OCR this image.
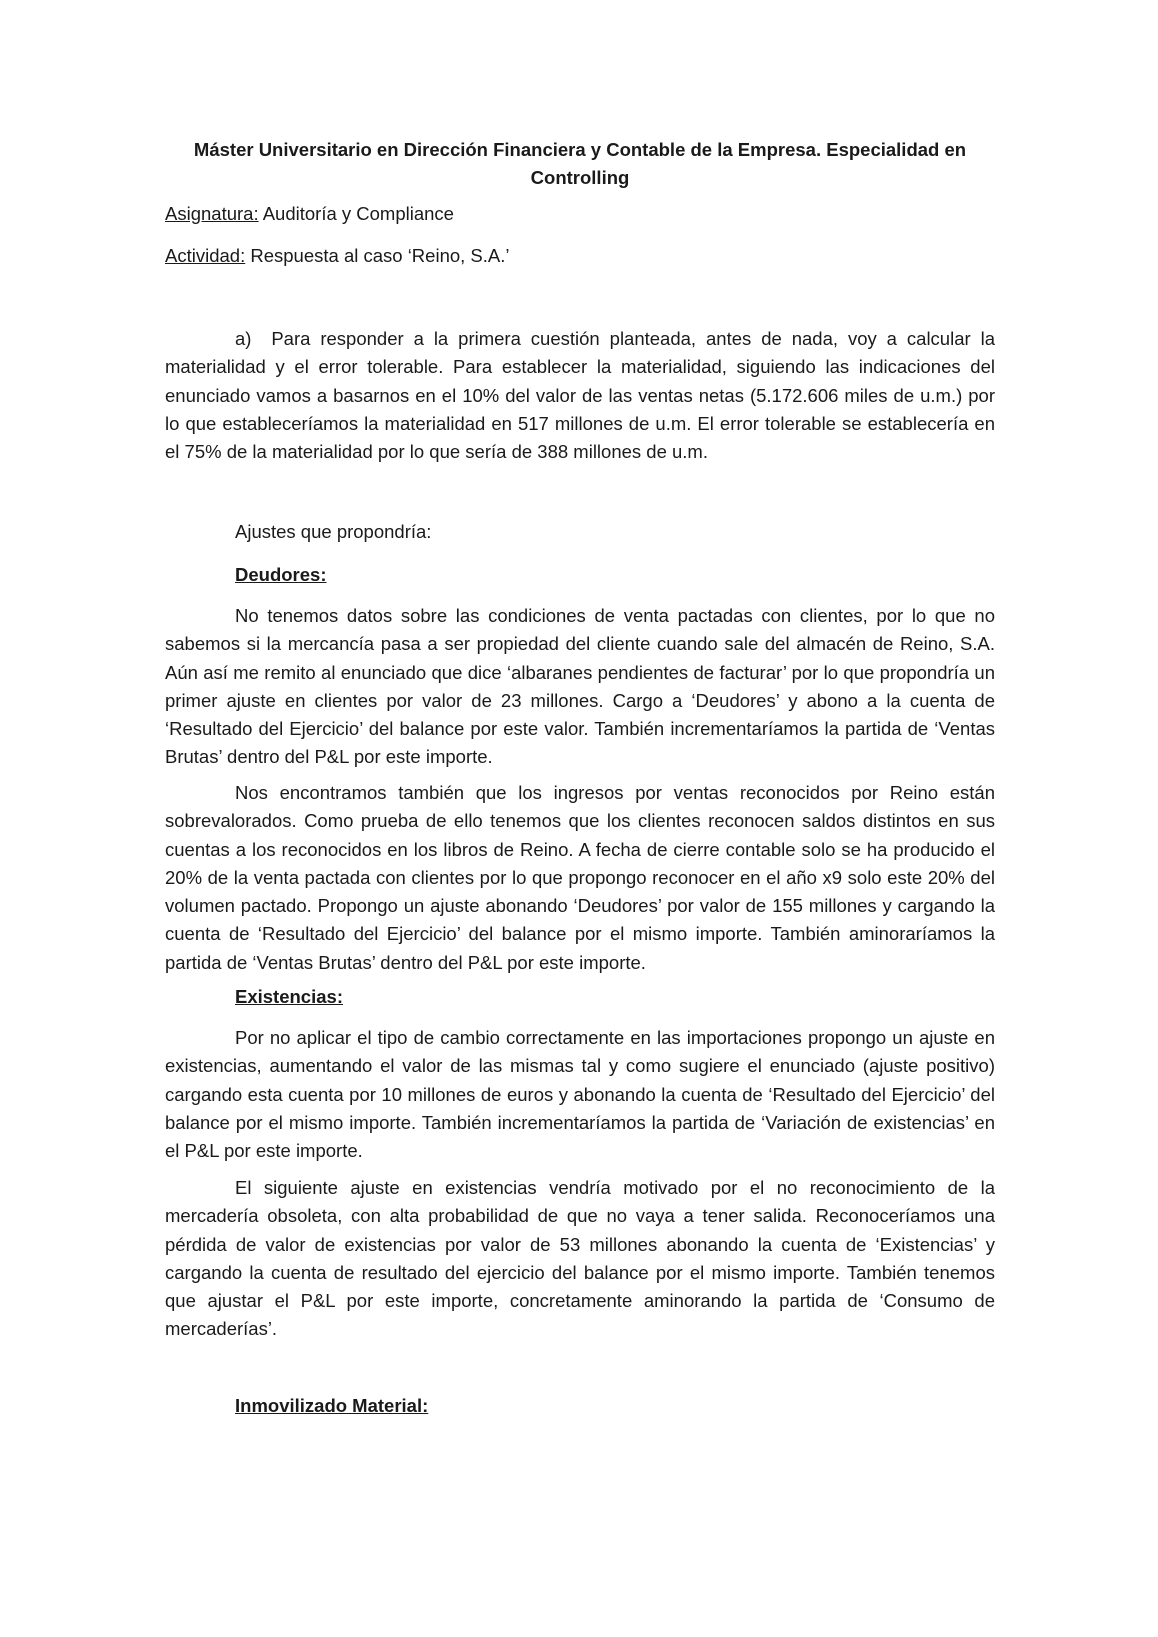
Máster Universitario en Dirección Financiera y Contable de la Empresa. Especialidad en Controlling
Asignatura: Auditoría y Compliance
Actividad: Respuesta al caso ‘Reino, S.A.’

a)  Para responder a la primera cuestión planteada, antes de nada, voy a calcular la materialidad y el error tolerable. Para establecer la materialidad, siguiendo las indicaciones del enunciado vamos a basarnos en el 10% del valor de las ventas netas (5.172.606 miles de u.m.) por lo que estableceríamos la materialidad en 517 millones de u.m. El error tolerable se establecería en el 75% de la materialidad por lo que sería de 388 millones de u.m.

Ajustes que propondría:
Deudores:

No tenemos datos sobre las condiciones de venta pactadas con clientes, por lo que no sabemos si la mercancía pasa a ser propiedad del cliente cuando sale del almacén de Reino, S.A. Aún así me remito al enunciado que dice ‘albaranes pendientes de facturar’ por lo que propondría un primer ajuste en clientes por valor de 23 millones. Cargo a ‘Deudores’ y abono a la cuenta de ‘Resultado del Ejercicio’ del balance por este valor. También incrementaríamos la partida de ‘Ventas Brutas’ dentro del P&L por este importe.

Nos encontramos también que los ingresos por ventas reconocidos por Reino están sobrevalorados. Como prueba de ello tenemos que los clientes reconocen saldos distintos en sus cuentas a los reconocidos en los libros de Reino. A fecha de cierre contable solo se ha producido el 20% de la venta pactada con clientes por lo que propongo reconocer en el año x9 solo este 20% del volumen pactado. Propongo un ajuste abonando ‘Deudores’ por valor de 155 millones y cargando la cuenta de ‘Resultado del Ejercicio’ del balance por el mismo importe. También aminoraríamos la partida de ‘Ventas Brutas’ dentro del P&L por este importe.

Existencias:

Por no aplicar el tipo de cambio correctamente en las importaciones propongo un ajuste en existencias, aumentando el valor de las mismas tal y como sugiere el enunciado (ajuste positivo) cargando esta cuenta por 10 millones de euros y abonando la cuenta de ‘Resultado del Ejercicio’ del balance por el mismo importe. También incrementaríamos la partida de ‘Variación de existencias’ en el P&L por este importe.

El siguiente ajuste en existencias vendría motivado por el no reconocimiento de la mercadería obsoleta, con alta probabilidad de que no vaya a tener salida. Reconoceríamos una pérdida de valor de existencias por valor de 53 millones abonando la cuenta de ‘Existencias’ y cargando la cuenta de resultado del ejercicio del balance por el mismo importe. También tenemos que ajustar el P&L por este importe, concretamente aminorando la partida de ‘Consumo de mercaderías’.

Inmovilizado Material:
